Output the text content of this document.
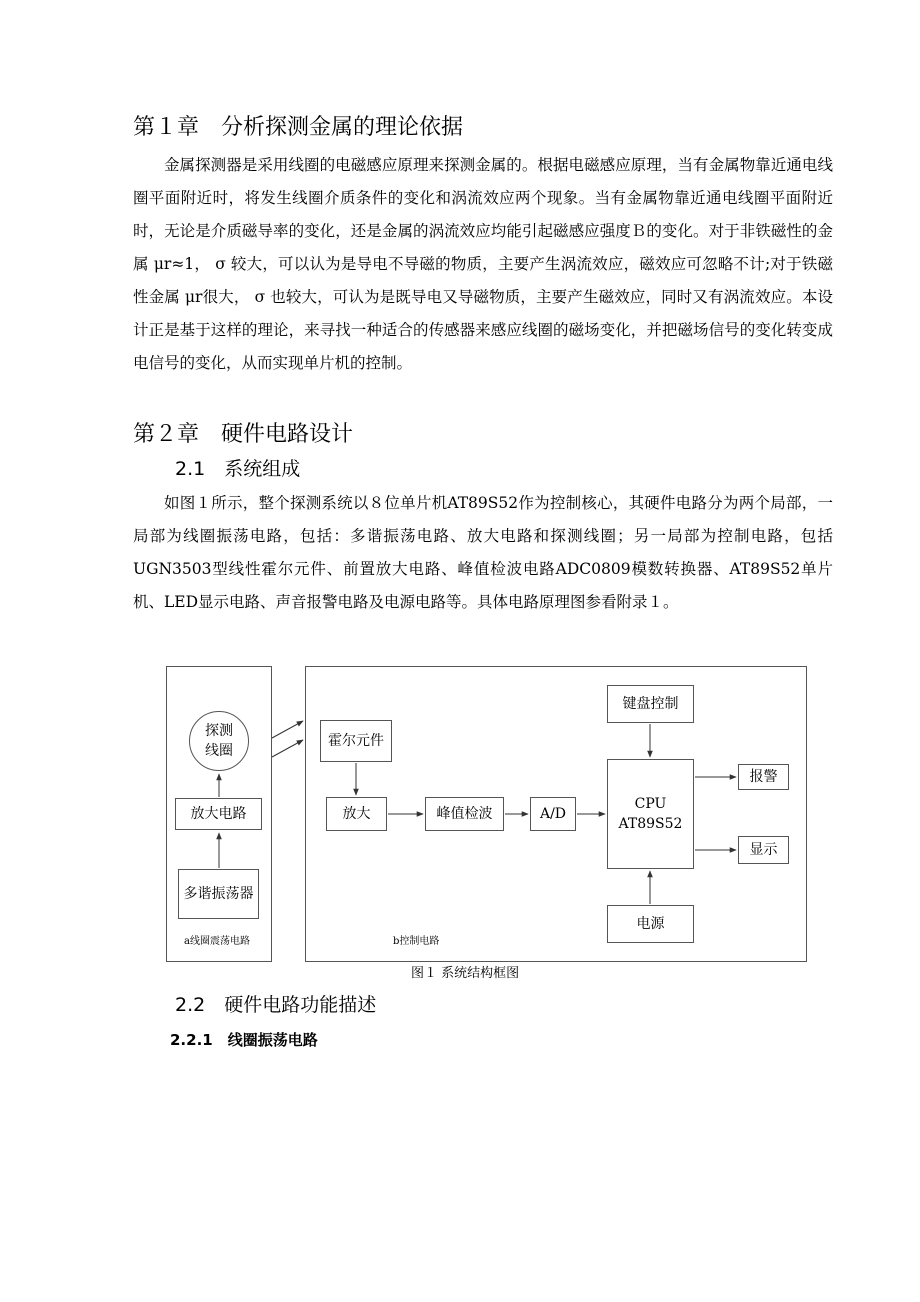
第１章　分析探测金属的理论依据

金属探测器是采用线圈的电磁感应原理来探测金属的。根据电磁感应原理，当有金属物靠近通电线圈平面附近时，将发生线圈介质条件的变化和涡流效应两个现象。当有金属物靠近通电线圈平面附近时，无论是介质磁导率的变化，还是金属的涡流效应均能引起磁感应强度Ｂ的变化。对于非铁磁性的金属 μr≈1， σ 较大，可以认为是导电不导磁的物质，主要产生涡流效应，磁效应可忽略不计;对于铁磁性金属 μr很大， σ 也较大，可认为是既导电又导磁物质，主要产生磁效应，同时又有涡流效应。本设计正是基于这样的理论，来寻找一种适合的传感器来感应线圈的磁场变化，并把磁场信号的变化转变成电信号的变化，从而实现单片机的控制。

第２章　硬件电路设计
2.1　系统组成

如图１所示，整个探测系统以８位单片机AT89S52作为控制核心，其硬件电路分为两个局部，一局部为线圈振荡电路，包括：多谐振荡电路、放大电路和探测线圈；另一局部为控制电路，包括UGN3503型线性霍尔元件、前置放大电路、峰值检波电路ADC0809模数转换器、AT89S52单片机、LED显示电路、声音报警电路及电源电路等。具体电路原理图参看附录１。

探测
线圈
放大电路
多谐振荡器
a线圈震荡电路
霍尔元件
放大	峰值检波	A/D
键盘控制
CPU
AT89S52
报警
显示
电源
b控制电路
图１ 系统结构框图
2.2　硬件电路功能描述
2.2.1　线圈振荡电路
